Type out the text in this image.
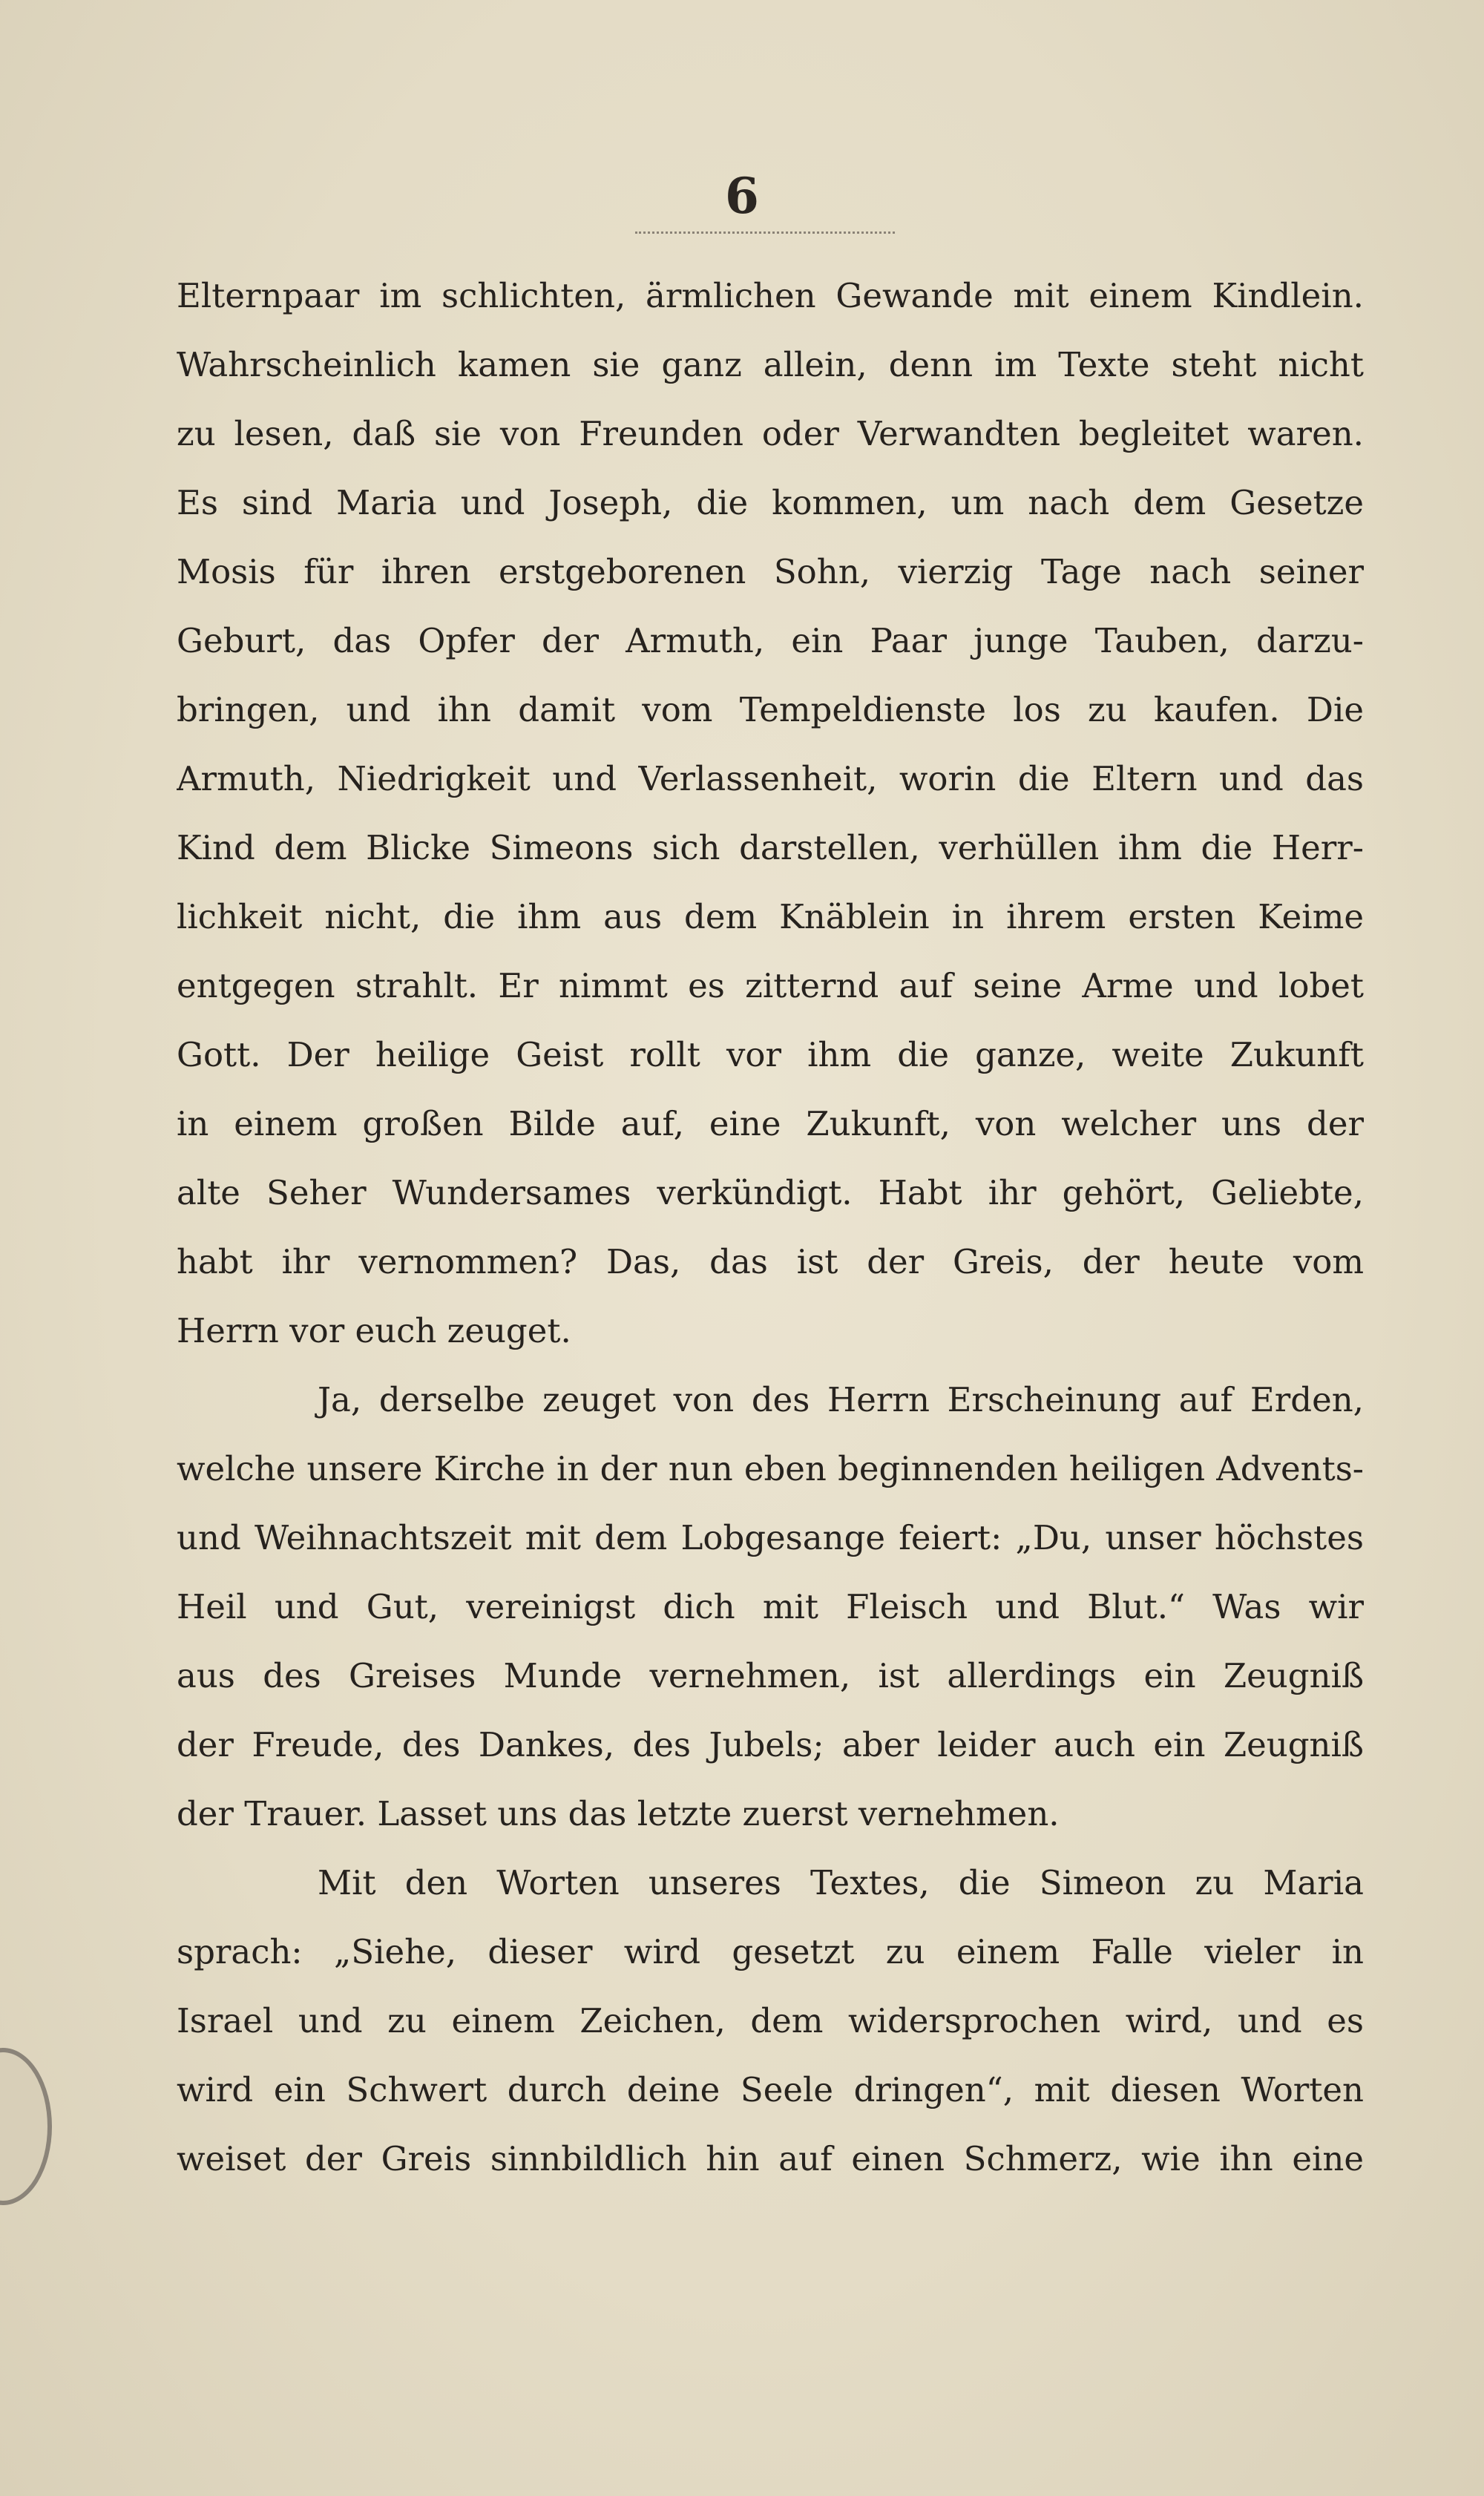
6
Elternpaar im schlichten, ärmlichen Gewande mit einem Kindlein.
Wahrscheinlich kamen sie ganz allein, denn im Texte steht nicht
zu lesen, daß sie von Freunden oder Verwandten begleitet waren.
Es sind Maria und Joseph, die kommen, um nach dem Gesetze
Mosis für ihren erstgeborenen Sohn, vierzig Tage nach seiner
Geburt, das Opfer der Armuth, ein Paar junge Tauben, darzu-
bringen, und ihn damit vom Tempeldienste los zu kaufen. Die
Armuth, Niedrigkeit und Verlassenheit, worin die Eltern und das
Kind dem Blicke Simeons sich darstellen, verhüllen ihm die Herr-
lichkeit nicht, die ihm aus dem Knäblein in ihrem ersten Keime
entgegen strahlt. Er nimmt es zitternd auf seine Arme und lobet
Gott. Der heilige Geist rollt vor ihm die ganze, weite Zukunft
in einem großen Bilde auf, eine Zukunft, von welcher uns der
alte Seher Wundersames verkündigt. Habt ihr gehört, Geliebte,
habt ihr vernommen? Das, das ist der Greis, der heute vom
Herrn vor euch zeuget.
Ja, derselbe zeuget von des Herrn Erscheinung auf Erden,
welche unsere Kirche in der nun eben beginnenden heiligen Advents-
und Weihnachtszeit mit dem Lobgesange feiert: „Du, unser höchstes
Heil und Gut, vereinigst dich mit Fleisch und Blut.“ Was wir
aus des Greises Munde vernehmen, ist allerdings ein Zeugniß
der Freude, des Dankes, des Jubels; aber leider auch ein Zeugniß
der Trauer. Lasset uns das letzte zuerst vernehmen.
Mit den Worten unseres Textes, die Simeon zu Maria
sprach: „Siehe, dieser wird gesetzt zu einem Falle vieler in
Israel und zu einem Zeichen, dem widersprochen wird, und es
wird ein Schwert durch deine Seele dringen“, mit diesen Worten
weiset der Greis sinnbildlich hin auf einen Schmerz, wie ihn eine
